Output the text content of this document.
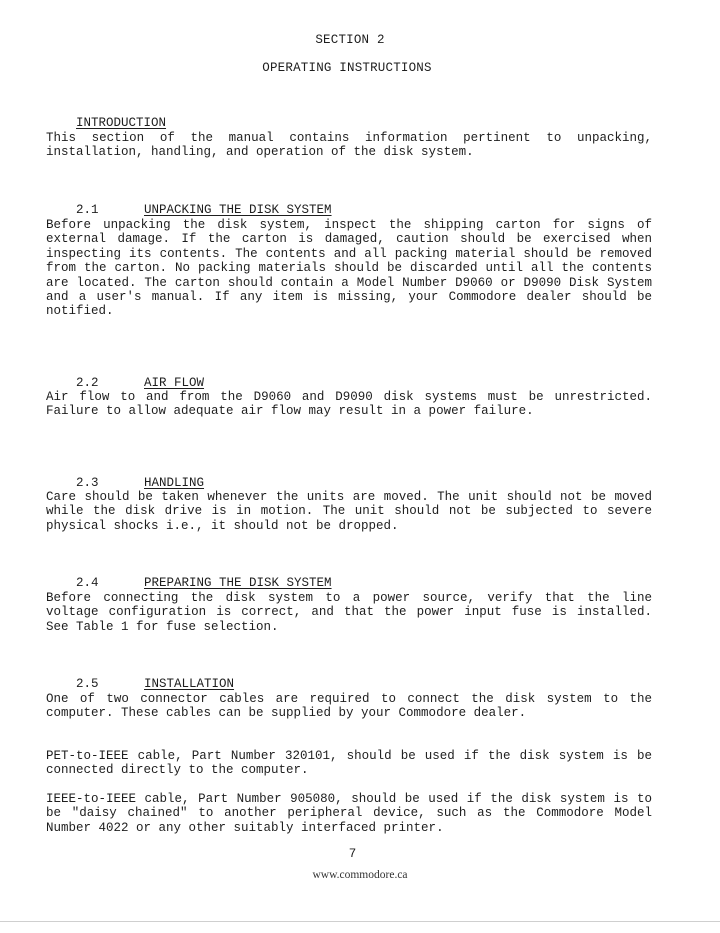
SECTION 2
OPERATING INSTRUCTIONS

INTRODUCTION

This section of the manual contains information pertinent to unpacking, installation, handling, and operation of the disk system.

2.1	UNPACKING THE DISK SYSTEM

Before unpacking the disk system, inspect the shipping carton for signs of external damage. If the carton is damaged, caution should be exercised when inspecting its contents. The contents and all packing material should be removed from the carton. No packing materials should be discarded until all the contents are located. The carton should contain a Model Number D9060 or D9090 Disk System and a user's manual. If any item is missing, your Commodore dealer should be notified.

2.2	AIR FLOW

Air flow to and from the D9060 and D9090 disk systems must be unrestricted. Failure to allow adequate air flow may result in a power failure.

2.3	HANDLING

Care should be taken whenever the units are moved. The unit should not be moved while the disk drive is in motion. The unit should not be subjected to severe physical shocks i.e., it should not be dropped.

2.4	PREPARING THE DISK SYSTEM

Before connecting the disk system to a power source, verify that the line voltage configuration is correct, and that the power input fuse is installed. See Table 1 for fuse selection.

2.5	INSTALLATION

One of two connector cables are required to connect the disk system to the computer. These cables can be supplied by your Commodore dealer.

PET-to-IEEE cable, Part Number 320101, should be used if the disk system is be connected directly to the computer.

IEEE-to-IEEE cable, Part Number 905080, should be used if the disk system is to be "daisy chained" to another peripheral device, such as the Commodore Model Number 4022 or any other suitably interfaced printer.

7
www.commodore.ca
